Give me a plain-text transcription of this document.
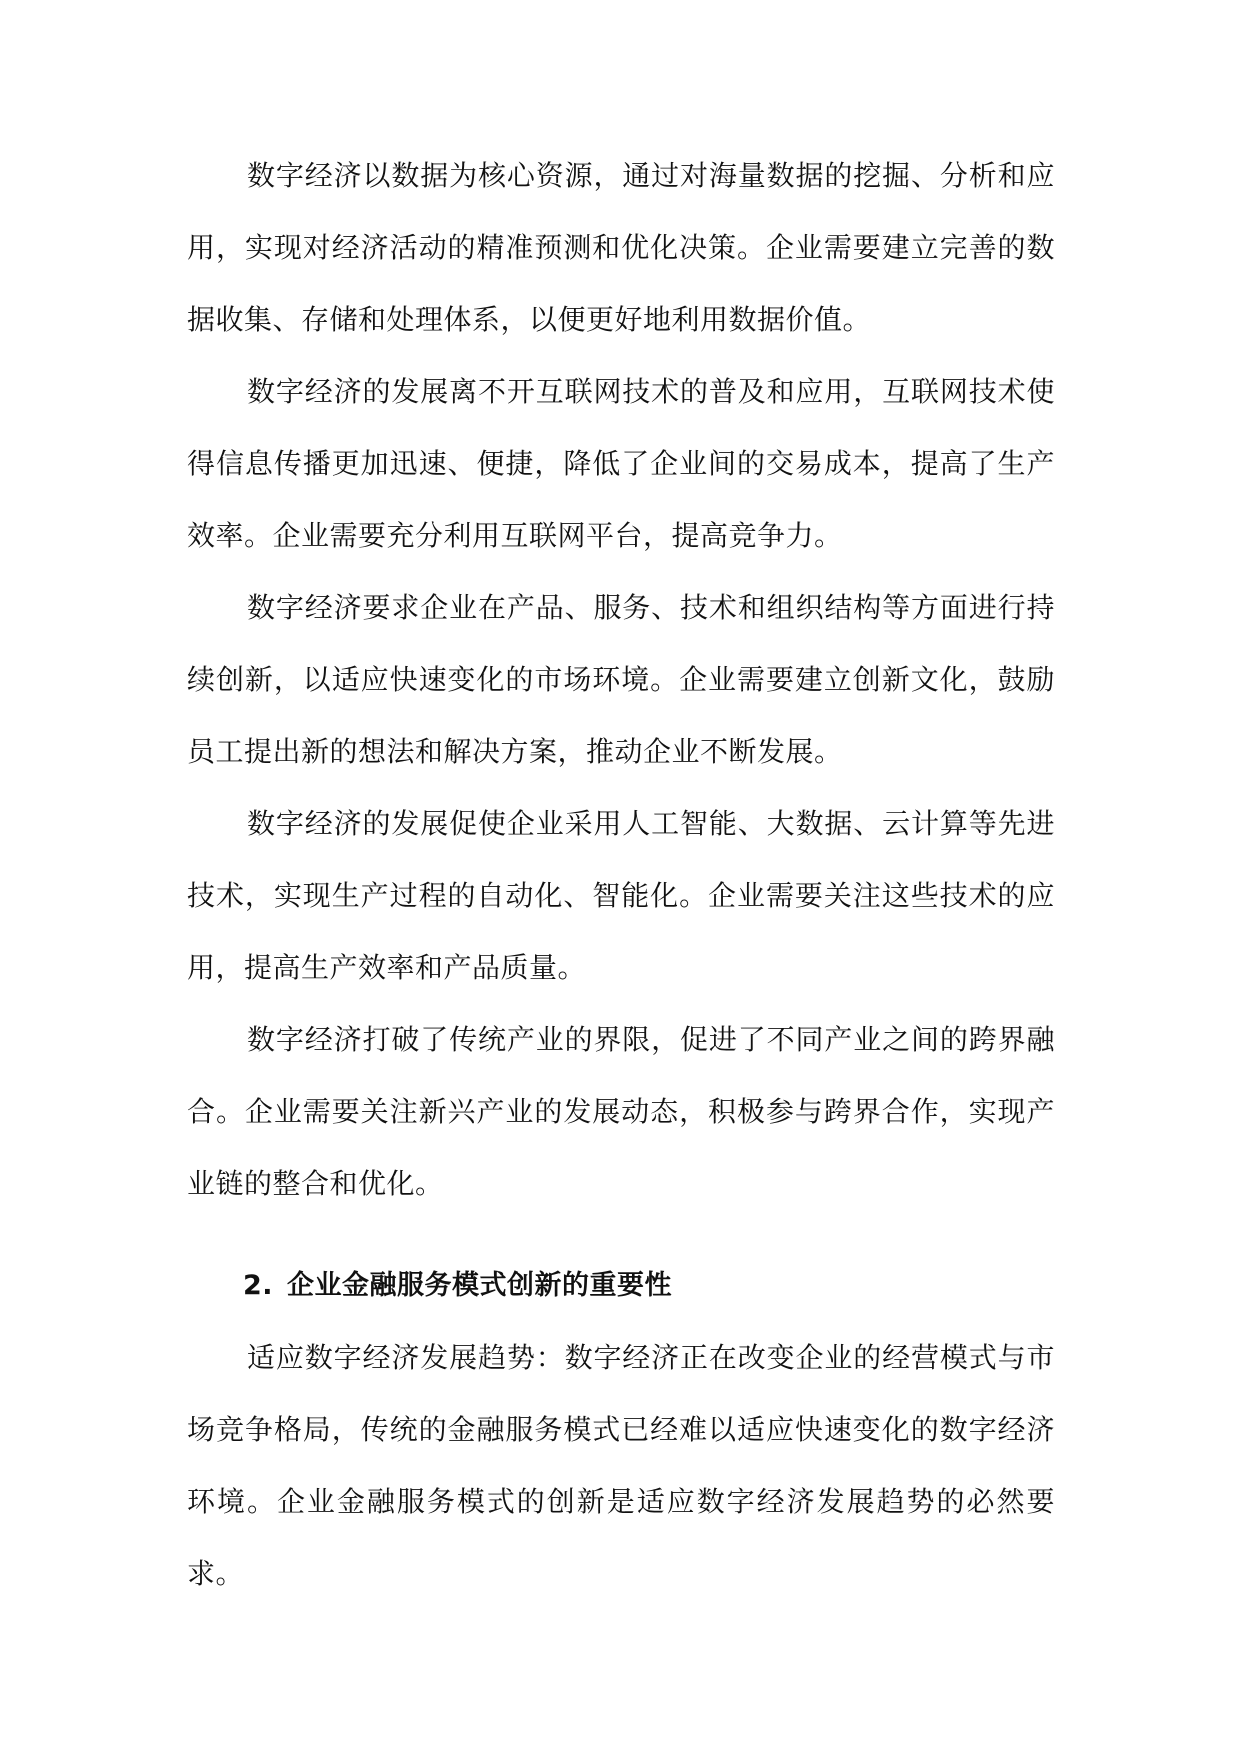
数字经济以数据为核心资源，通过对海量数据的挖掘、分析和应用，实现对经济活动的精准预测和优化决策。企业需要建立完善的数据收集、存储和处理体系，以便更好地利用数据价值。

数字经济的发展离不开互联网技术的普及和应用，互联网技术使得信息传播更加迅速、便捷，降低了企业间的交易成本，提高了生产效率。企业需要充分利用互联网平台，提高竞争力。

数字经济要求企业在产品、服务、技术和组织结构等方面进行持续创新，以适应快速变化的市场环境。企业需要建立创新文化，鼓励员工提出新的想法和解决方案，推动企业不断发展。

数字经济的发展促使企业采用人工智能、大数据、云计算等先进技术，实现生产过程的自动化、智能化。企业需要关注这些技术的应用，提高生产效率和产品质量。

数字经济打破了传统产业的界限，促进了不同产业之间的跨界融合。企业需要关注新兴产业的发展动态，积极参与跨界合作，实现产业链的整合和优化。

2. 企业金融服务模式创新的重要性

适应数字经济发展趋势：数字经济正在改变企业的经营模式与市场竞争格局，传统的金融服务模式已经难以适应快速变化的数字经济环境。企业金融服务模式的创新是适应数字经济发展趋势的必然要求。
